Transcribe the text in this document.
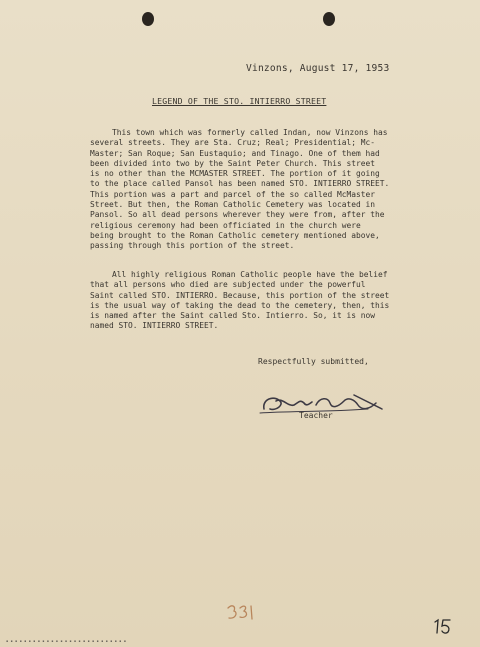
Vinzons, August 17, 1953
LEGEND OF THE STO. INTIERRO STREET
This town which was formerly called Indan, now Vinzons has
several streets. They are Sta. Cruz; Real; Presidential; Mc-
Master; San Roque; San Eustaquio; and Tinago. One of them had
been divided into two by the Saint Peter Church. This street
is no other than the MCMASTER STREET. The portion of it going
to the place called Pansol has been named STO. INTIERRO STREET.
This portion was a part and parcel of the so called McMaster
Street. But then, the Roman Catholic Cemetery was located in
Pansol. So all dead persons wherever they were from, after the
religious ceremony had been officiated in the church were
being brought to the Roman Catholic cemetery mentioned above,
passing through this portion of the street.
All highly religious Roman Catholic people have the belief
that all persons who died are subjected under the powerful
Saint called STO. INTIERRO. Because, this portion of the street
is the usual way of taking the dead to the cemetery, then, this
is named after the Saint called Sto. Intierro. So, it is now
named STO. INTIERRO STREET.
Respectfully submitted,
Teacher
▪ ▪ ▪ ▪ ▪ ▪ ▪ ▪ ▪ ▪ ▪ ▪ ▪ ▪ ▪ ▪ ▪ ▪ ▪ ▪ ▪ ▪ ▪ ▪ ▪ ▪ ▪
